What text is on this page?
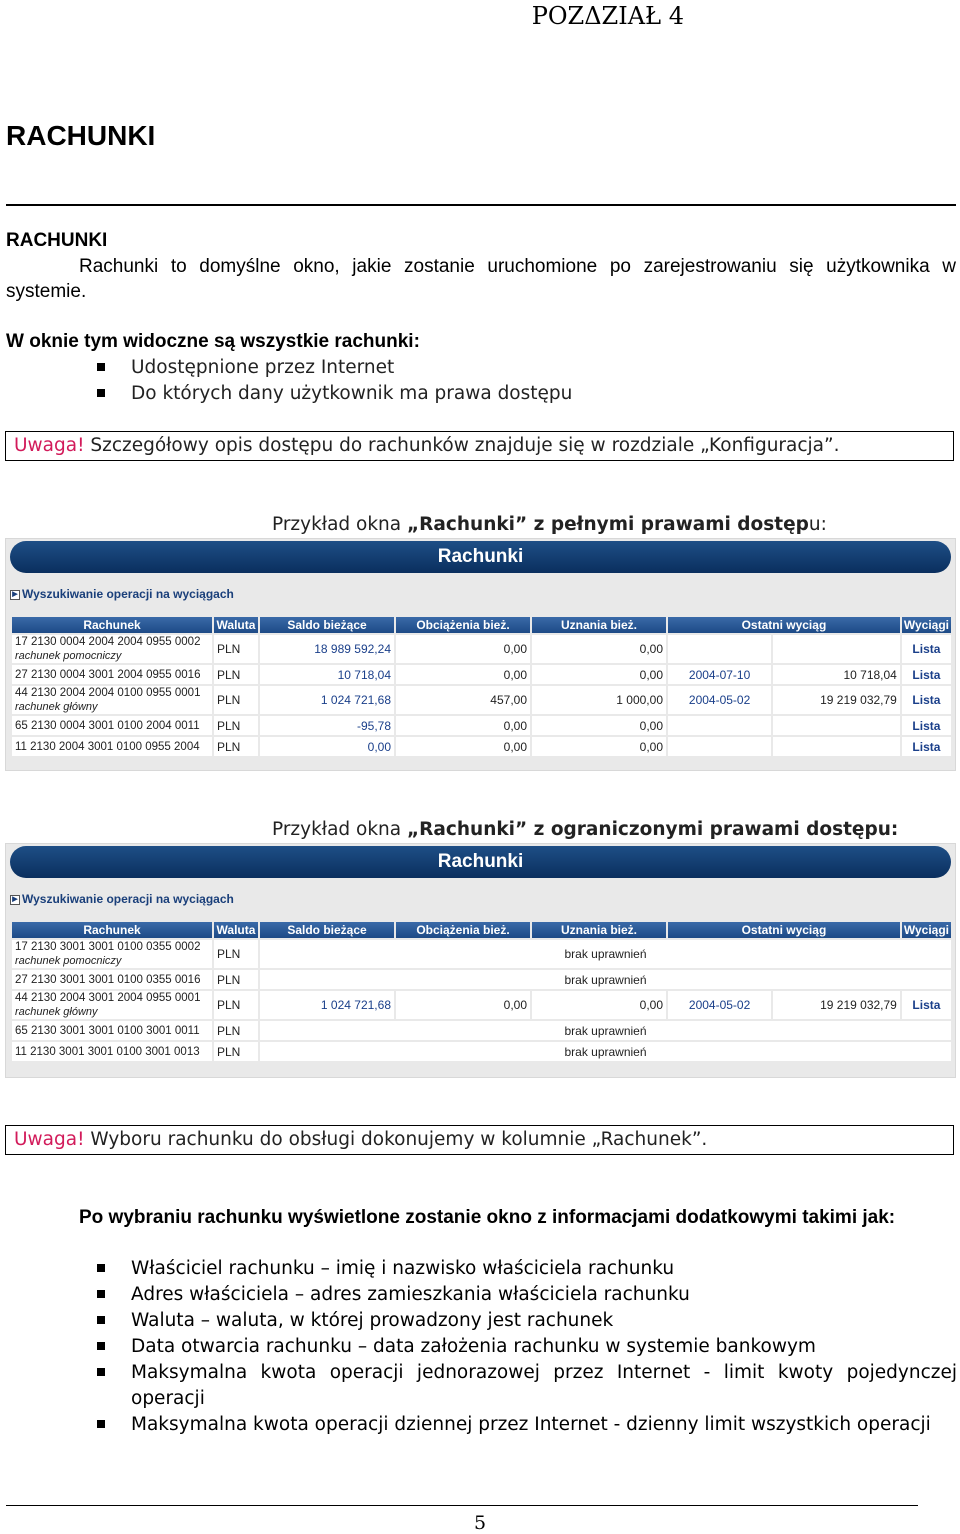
POZΔZIAŁ 4
RACHUNKI
RACHUNKI
Rachunki to domyślne okno, jakie zostanie uruchomione po zarejestrowaniu się użytkownika w systemie.
W oknie tym widoczne są wszystkie rachunki:
Udostępnione przez Internet
Do których dany użytkownik ma prawa dostępu
Uwaga! Szczegółowy opis dostępu do rachunków znajduje się w rozdziale „Konfiguracja”.
Przykład okna „Rachunki” z pełnymi prawami dostępu:
Rachunki
▶ Wyszukiwanie operacji na wyciągach
Rachunek	Waluta	Saldo bieżące	Obciążenia bież.	Uznania bież.	Ostatni wyciąg		Wyciągi
17 2130 0004 2004 2004 0955 0002
rachunek pomocniczy	PLN	18 989 592,24	0,00	0,00			Lista
27 2130 0004 3001 2004 0955 0016	PLN	10 718,04	0,00	0,00	2004-07-10	10 718,04	Lista
44 2130 2004 2004 0100 0955 0001
rachunek główny	PLN	1 024 721,68	457,00	1 000,00	2004-05-02	19 219 032,79	Lista
65 2130 0004 3001 0100 2004 0011	PLN	-95,78	0,00	0,00			Lista
11 2130 2004 3001 0100 0955 2004	PLN	0,00	0,00	0,00			Lista
Przykład okna „Rachunki” z ograniczonymi prawami dostępu:
Rachunki
▶ Wyszukiwanie operacji na wyciągach
Rachunek	Waluta	Saldo bieżące	Obciążenia bież.	Uznania bież.	Ostatni wyciąg		Wyciągi
17 2130 3001 3001 0100 0355 0002
rachunek pomocniczy	PLN	brak uprawnień					
27 2130 3001 3001 0100 0355 0016	PLN	brak uprawnień					
44 2130 2004 3001 2004 0955 0001
rachunek główny	PLN	1 024 721,68	0,00	0,00	2004-05-02	19 219 032,79	Lista
65 2130 3001 3001 0100 3001 0011	PLN	brak uprawnień					
11 2130 3001 3001 0100 3001 0013	PLN	brak uprawnień					
Uwaga! Wyboru rachunku do obsługi dokonujemy w kolumnie „Rachunek”.
Po wybraniu rachunku wyświetlone zostanie okno z informacjami dodatkowymi takimi jak:
Właściciel rachunku – imię i nazwisko właściciela rachunku
Adres właściciela – adres zamieszkania właściciela rachunku
Waluta – waluta, w której prowadzony jest rachunek
Data otwarcia rachunku – data założenia rachunku w systemie bankowym
Maksymalna kwota operacji jednorazowej przez Internet - limit kwoty pojedynczej operacji
Maksymalna kwota operacji dziennej przez Internet - dzienny limit wszystkich operacji
5
